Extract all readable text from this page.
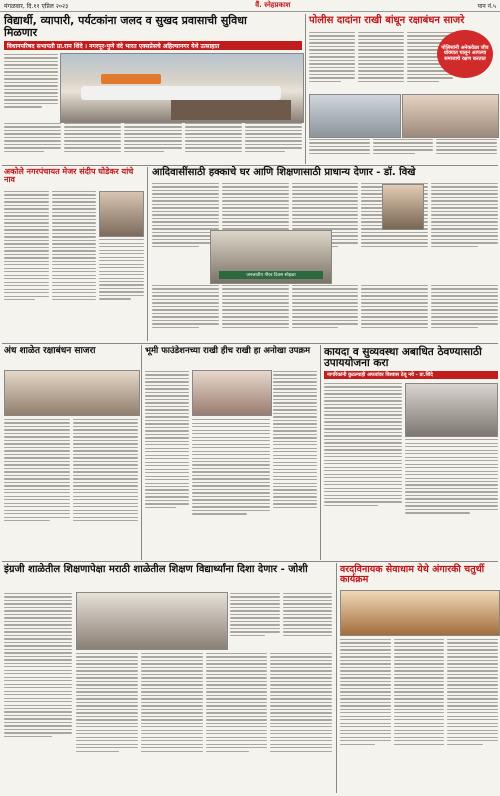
मंगळवार, दि.११ एप्रिल २०२३	वैं. स्नेहप्रकाश	पान नं.५
विद्यार्थी, व्यापारी, पर्यटकांना जलद व सुखद प्रवासाची सुविधा मिळणार
विधानपरिषद सभापती प्रा.राम शिंदे । नगरपूर-पुणे वंदे भारत एक्सप्रेसचे अहिल्यानगर येथे उत्साहात
पोलीस दादांना राखी बांधून रक्षाबंधन साजरे
पोलिसांनी अनेकवेळा जीव धोक्यात घालून आपल्या समाजाचे रक्षण करतात
अकोले नगरपंचायत मेजर संदीप घोडेकर यांचे नाव
आदिवासींसाठी हक्काचे घर आणि शिक्षणासाठी प्राधान्य देणार - डॉ. विखे
जनजातीय गौरव दिवस सोहळा
अंध शाळेत रक्षाबंधन साजरा	भूमी फाउंडेशनच्या राखी हीच राखी हा अनोखा उपक्रम	कायदा व सुव्यवस्था अबाधित ठेवण्यासाठी उपाययोजना करा
नागरिकांनी कुठल्याही अफवांवर विश्वास ठेवू नये - प्रा.शिंदे
इंग्रजी शाळेतील शिक्षणापेक्षा मराठी शाळेतील शिक्षण विद्यार्थ्यांना दिशा देणार - जोशी	वरदविनायक सेवाधाम येथे अंगारकी चतुर्थी कार्यक्रम
